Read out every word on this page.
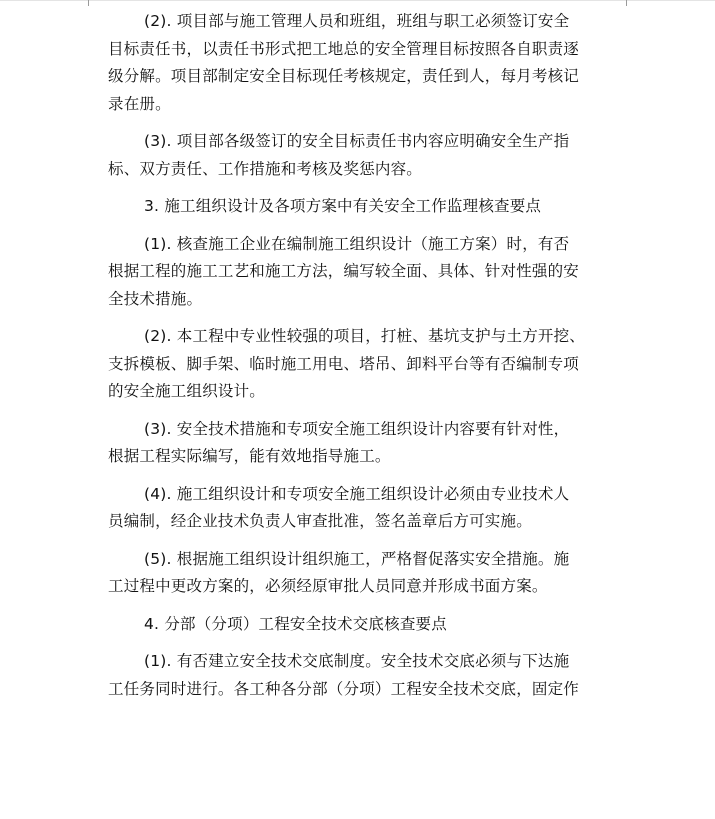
(2). 项目部与施工管理人员和班组，班组与职工必须签订安全
目标责任书，以责任书形式把工地总的安全管理目标按照各自职责逐
级分解。项目部制定安全目标现任考核规定，责任到人，每月考核记
录在册。

(3). 项目部各级签订的安全目标责任书内容应明确安全生产指
标、双方责任、工作措施和考核及奖惩内容。

3. 施工组织设计及各项方案中有关安全工作监理核查要点

(1). 核查施工企业在编制施工组织设计（施工方案）时，有否
根据工程的施工工艺和施工方法，编写较全面、具体、针对性强的安
全技术措施。

(2). 本工程中专业性较强的项目，打桩、基坑支护与土方开挖、
支拆模板、脚手架、临时施工用电、塔吊、卸料平台等有否编制专项
的安全施工组织设计。

(3). 安全技术措施和专项安全施工组织设计内容要有针对性，
根据工程实际编写，能有效地指导施工。

(4). 施工组织设计和专项安全施工组织设计必须由专业技术人
员编制，经企业技术负责人审查批准，签名盖章后方可实施。

(5). 根据施工组织设计组织施工，严格督促落实安全措施。施
工过程中更改方案的，必须经原审批人员同意并形成书面方案。

4. 分部（分项）工程安全技术交底核查要点

(1). 有否建立安全技术交底制度。安全技术交底必须与下达施
工任务同时进行。各工种各分部（分项）工程安全技术交底，固定作
